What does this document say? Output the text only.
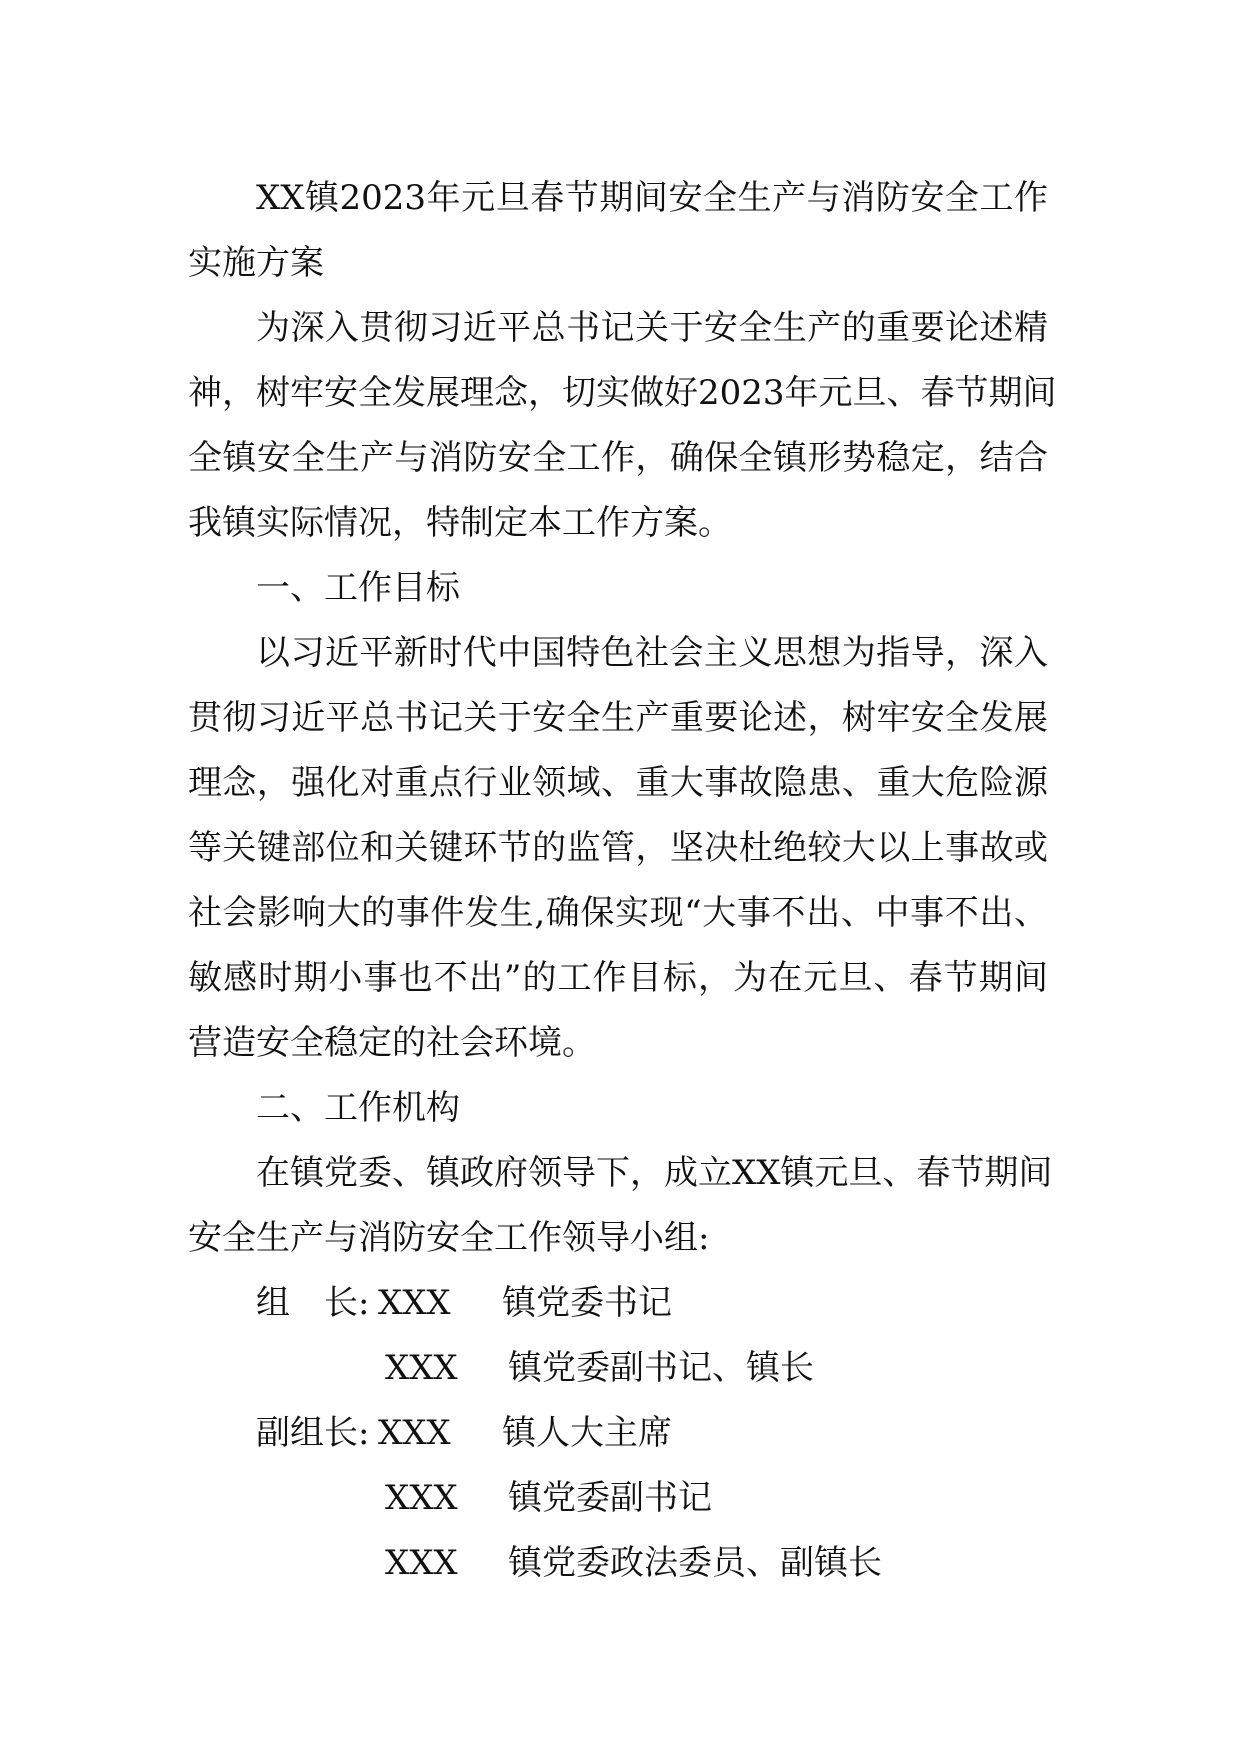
XX镇2023年元旦春节期间安全生产与消防安全工作
实施方案
为深入贯彻习近平总书记关于安全生产的重要论述精
神，树牢安全发展理念，切实做好2023年元旦、春节期间
全镇安全生产与消防安全工作，确保全镇形势稳定，结合
我镇实际情况，特制定本工作方案。
一、工作目标
以习近平新时代中国特色社会主义思想为指导，深入
贯彻习近平总书记关于安全生产重要论述，树牢安全发展
理念，强化对重点行业领域、重大事故隐患、重大危险源
等关键部位和关键环节的监管，坚决杜绝较大以上事故或
社会影响大的事件发生,确保实现“大事不出、中事不出、
敏感时期小事也不出”的工作目标，为在元旦、春节期间
营造安全稳定的社会环境。
二、工作机构
在镇党委、镇政府领导下，成立XX镇元旦、春节期间
安全生产与消防安全工作领导小组:
组　长: XXX 镇党委书记
XXX 镇党委副书记、镇长
副组长: XXX 镇人大主席
XXX 镇党委副书记
XXX 镇党委政法委员、副镇长
